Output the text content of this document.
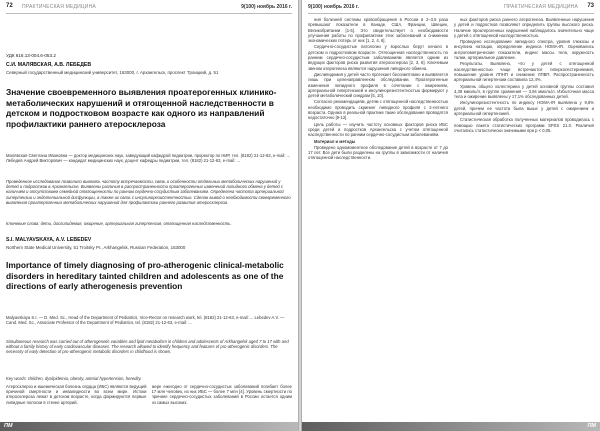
72 ПРАКТИЧЕСКАЯ МЕДИЦИНА	9(100) ноябрь 2016 г.
УДК 616.13-004.6-053.2
С.И. МАЛЯВСКАЯ, А.В. ЛЕБЕДЕВ
Северный государственный медицинский университет, 163000, г. Архангельск, проспект Троицкий, д. 51
Значение своевременного выявления проатерогенных клинико-метаболических нарушений и отягощенной наследственности в детском и подростковом возрасте как одного из направлений профилактики раннего атеросклероза
Малявская Светлана Ивановна — доктор медицинских наук, заведующий кафедрой педиатрии, проректор по НИР, тел. (8182) 21-12-63, e-mail: ... Лебедев Андрей Викторович — кандидат медицинских наук, доцент кафедры педиатрии, тел. (8182) 21-12-63, e-mail: ...
Проведенное исследование позволило выявить частоту встречаемости, связь и особенности отдельных метаболических нарушений у детей и подростков в Архангельске. Выявлены различия в распространенности проатерогенных изменений липидного обмена у детей с наличием и отсутствием семейной отягощенности по ранним сердечно-сосудистым заболеваниям. Определена частота артериальной гипертензии и эндотелиальной дисфункции, а также их связь с инсулинорезистентностью. Сделан вывод о необходимости своевременного выявления проатерогенных метаболических нарушений для профилактики раннего развития атеросклероза.
Ключевые слова: дети, дислипидемия, ожирение, артериальная гипертензия, отягощенная наследственность.
S.I. MALYAVSKAYA, A.V. LEBEDEV
Northern State Medical University, 51 Troitsky Pr., Arkhangelsk, Russian Federation, 163000
Importance of timely diagnosing of pro-atherogenic clinical-metabolic disorders in hereditary tainted children and adolescents as one of the directions of early atherogenesis prevention
Malyavskaya S.I. — D. Med. Sc., Head of the Department of Pediatrics, Vice-Rector on research work, tel. (8182) 21-12-63, e-mail: ... Lebedev A.V. — Cand. Med. Sc., Associate Professor of the Department of Pediatrics, tel. (8182) 21-12-63, e-mail: ...
Simultaneous research was carried out of atherogenetic variables and lipid metabolism in children and adolescents of Arkhangelsk aged 7 to 17 with and without a family history of early cardiovascular diseases. The research allowed to identify frequency and features of pro-atherogenic disorders. The necessity of early detection of pro-atherogenic metabolic disorders in childhood is shown.
Key words: children, dyslipidemia, obesity, arterial hypertension, heredity.
Атеросклероз и ишемическая болезнь сердца (ИБС) являются ведущей причиной смертности и инвалидности во всем мире. Истоки атеросклероза лежат в детском возрасте, когда формируются первые липидные полоски в стенке артерий.
мере ежегодно от сердечно-сосудистых заболеваний погибает более 17 млн человек, из них ИБС — более 7 млн [4]. Уровень смертности по причине сердечно-сосудистых заболеваний в России остается одним из самых высоких.
ПМ
9(100) ноябрь 2016 г.	ПРАКТИЧЕСКАЯ МЕДИЦИНА 73

ния болезней системы кровообращения в России в 2–3,5 раза превышают показатели в Канаде, США, Франции, Швеции, Великобритании [1-5]. Это свидетельствует о необходимости улучшения работы по профилактике этих заболеваний и снижению экономических потерь от них [1, 2, 4, 6].

Сердечно-сосудистые патологии у взрослых берут начало в детском и подростковом возрасте. Отягощенная наследственность по ранним сердечно-сосудистым заболеваниям является одним из ведущих факторов риска развития атеросклероза [2, 3, 8]. Ключевым звеном атерогенеза являются нарушения липидного обмена.

Дислипидемия у детей часто протекает бессимптомно и выявляется лишь при целенаправленном обследовании. Проатерогенные изменения липидного профиля в сочетании с ожирением, артериальной гипертензией и инсулинорезистентностью формируют у детей метаболический синдром [5, 10].

Согласно рекомендациям, детям с отягощенной наследственностью необходимо проводить скрининг липидного профиля с 2-летнего возраста. Однако в реальной практике такие обследования проводятся недостаточно [9-12].

Цель работы — изучить частоту основных факторов риска ИБС среди детей и подростков Архангельска с учетом отягощенной наследственности по ранним сердечно-сосудистым заболеваниям.

Материал и методы

Проведено одномоментное обследование детей в возрасте от 7 до 17 лет. Все дети были разделены на группы в зависимости от наличия отягощенной наследственности.

ных факторов риска раннего атерогенеза. Выявленные нарушения у детей и подростков позволяют определить группы высокого риска. Наличие проатерогенных нарушений наблюдалось значительно чаще у детей с отягощенной наследственностью.

Проведено исследование липидного спектра, уровня глюкозы и инсулина натощак, определение индекса НОМА-IR. Оценивались антропометрические показатели, индекс массы тела, окружность талии, артериальное давление.

Результаты. Выявлено, что у детей с отягощенной наследственностью чаще встречаются гиперхолестеринемия, повышение уровня ЛПНП и снижение ЛПВП. Распространенность артериальной гипертензии составила 12,4%.

Уровень общего холестерина у детей основной группы составил 4,39 ммоль/л, в группе сравнения — 3,94 ммоль/л. Избыточная масса тела и ожирение выявлены у 17,1% обследованных детей.

Инсулинорезистентность по индексу НОМА-IR выявлена у 9,8% детей, причем ее частота была выше у детей с ожирением и артериальной гипертензией.

Статистическая обработка полученных материалов проводилась с помощью пакета статистических программ SPSS 21.0. Различия считались статистически значимыми при p < 0,05.

ПМ
